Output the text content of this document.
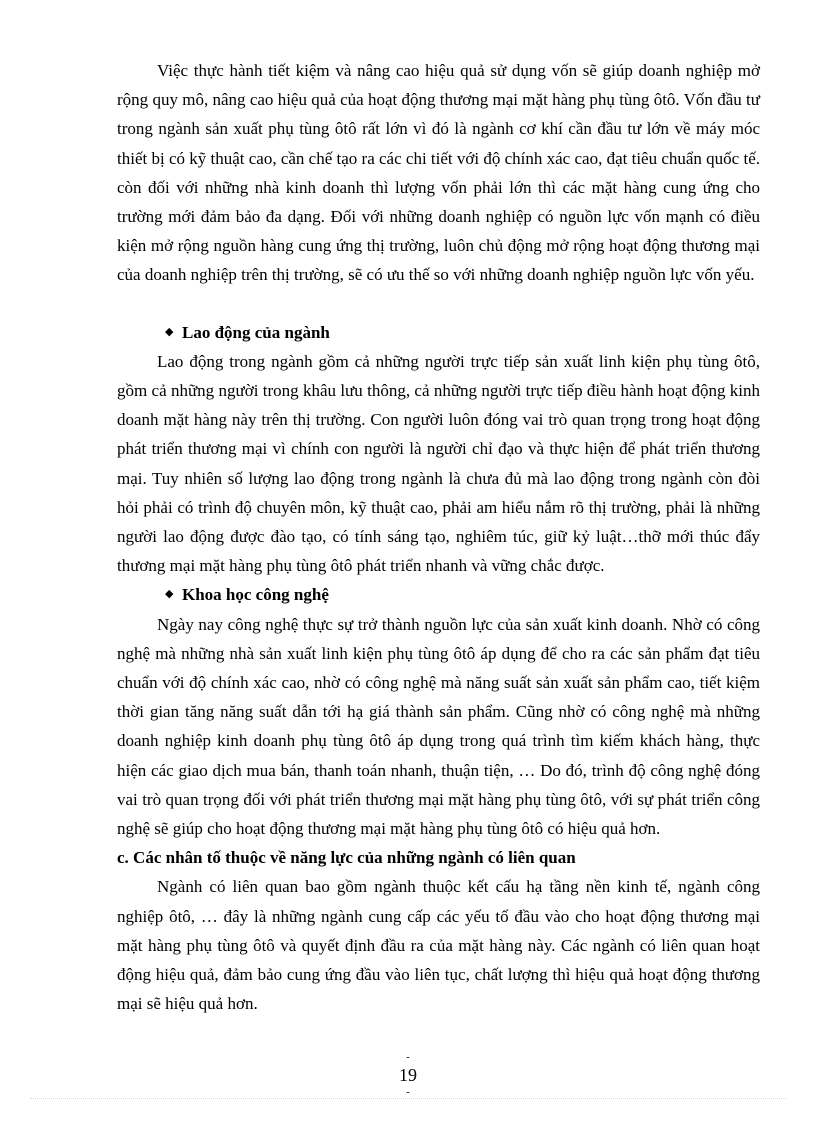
Việc thực hành tiết kiệm và nâng cao hiệu quả sử dụng vốn sẽ giúp doanh nghiệp mở rộng quy mô, nâng cao hiệu quả của hoạt động thương mại mặt hàng phụ tùng ôtô. Vốn đầu tư trong ngành sản xuất phụ tùng ôtô rất lớn vì đó là ngành cơ khí cần đầu tư lớn về máy móc thiết bị có kỹ thuật cao, cần chế tạo ra các chi tiết với độ chính xác cao, đạt tiêu chuẩn quốc tế. còn đối với những nhà kinh doanh thì lượng vốn phải lớn thì các mặt hàng cung ứng cho trường mới đảm bảo đa dạng. Đối với những doanh nghiệp có nguồn lực vốn mạnh có điều kiện mở rộng nguồn hàng cung ứng thị trường, luôn chủ động mở rộng hoạt động thương mại của doanh nghiệp trên thị trường, sẽ có ưu thế so với những doanh nghiệp nguồn lực vốn yếu.

◆ Lao động của ngành

Lao động trong ngành gồm cả những người trực tiếp sản xuất linh kiện phụ tùng ôtô, gồm cả những người trong khâu lưu thông, cả những người trực tiếp điều hành hoạt động kinh doanh mặt hàng này trên thị trường. Con người luôn đóng vai trò quan trọng trong hoạt động phát triển thương mại vì chính con người là người chỉ đạo và thực hiện để phát triển thương mại. Tuy nhiên số lượng lao động trong ngành là chưa đủ mà lao động trong ngành còn đòi hỏi phải có trình độ chuyên môn, kỹ thuật cao, phải am hiểu nắm rõ thị trường, phải là những người lao động được đào tạo, có tính sáng tạo, nghiêm túc, giữ kỷ luật…thỡ mới thúc đẩy thương mại mặt hàng phụ tùng ôtô phát triển nhanh và vững chắc được.

◆ Khoa học công nghệ

Ngày nay công nghệ thực sự trở thành nguồn lực của sản xuất kinh doanh. Nhờ có công nghệ mà những nhà sản xuất linh kiện phụ tùng ôtô áp dụng để cho ra các sản phẩm đạt tiêu chuẩn với độ chính xác cao, nhờ có công nghệ mà năng suất sản xuất sản phẩm cao, tiết kiệm thời gian tăng năng suất dẫn tới hạ giá thành sản phẩm. Cũng nhờ có công nghệ mà những doanh nghiệp kinh doanh phụ tùng ôtô áp dụng trong quá trình tìm kiếm khách hàng, thực hiện các giao dịch mua bán, thanh toán nhanh, thuận tiện, … Do đó, trình độ công nghệ đóng vai trò quan trọng đối với phát triển thương mại mặt hàng phụ tùng ôtô, với sự phát triển công nghệ sẽ giúp cho hoạt động thương mại mặt hàng phụ tùng ôtô có hiệu quả hơn.

c. Các nhân tố thuộc về năng lực của những ngành có liên quan

Ngành có liên quan bao gồm ngành thuộc kết cấu hạ tầng nền kinh tế, ngành công nghiệp ôtô, … đây là những ngành cung cấp các yếu tố đầu vào cho hoạt động thương mại mặt hàng phụ tùng ôtô và quyết định đầu ra của mặt hàng này. Các ngành có liên quan hoạt động hiệu quả, đảm bảo cung ứng đầu vào liên tục, chất lượng thì hiệu quả hoạt động thương mại sẽ hiệu quả hơn.

-
19
-
